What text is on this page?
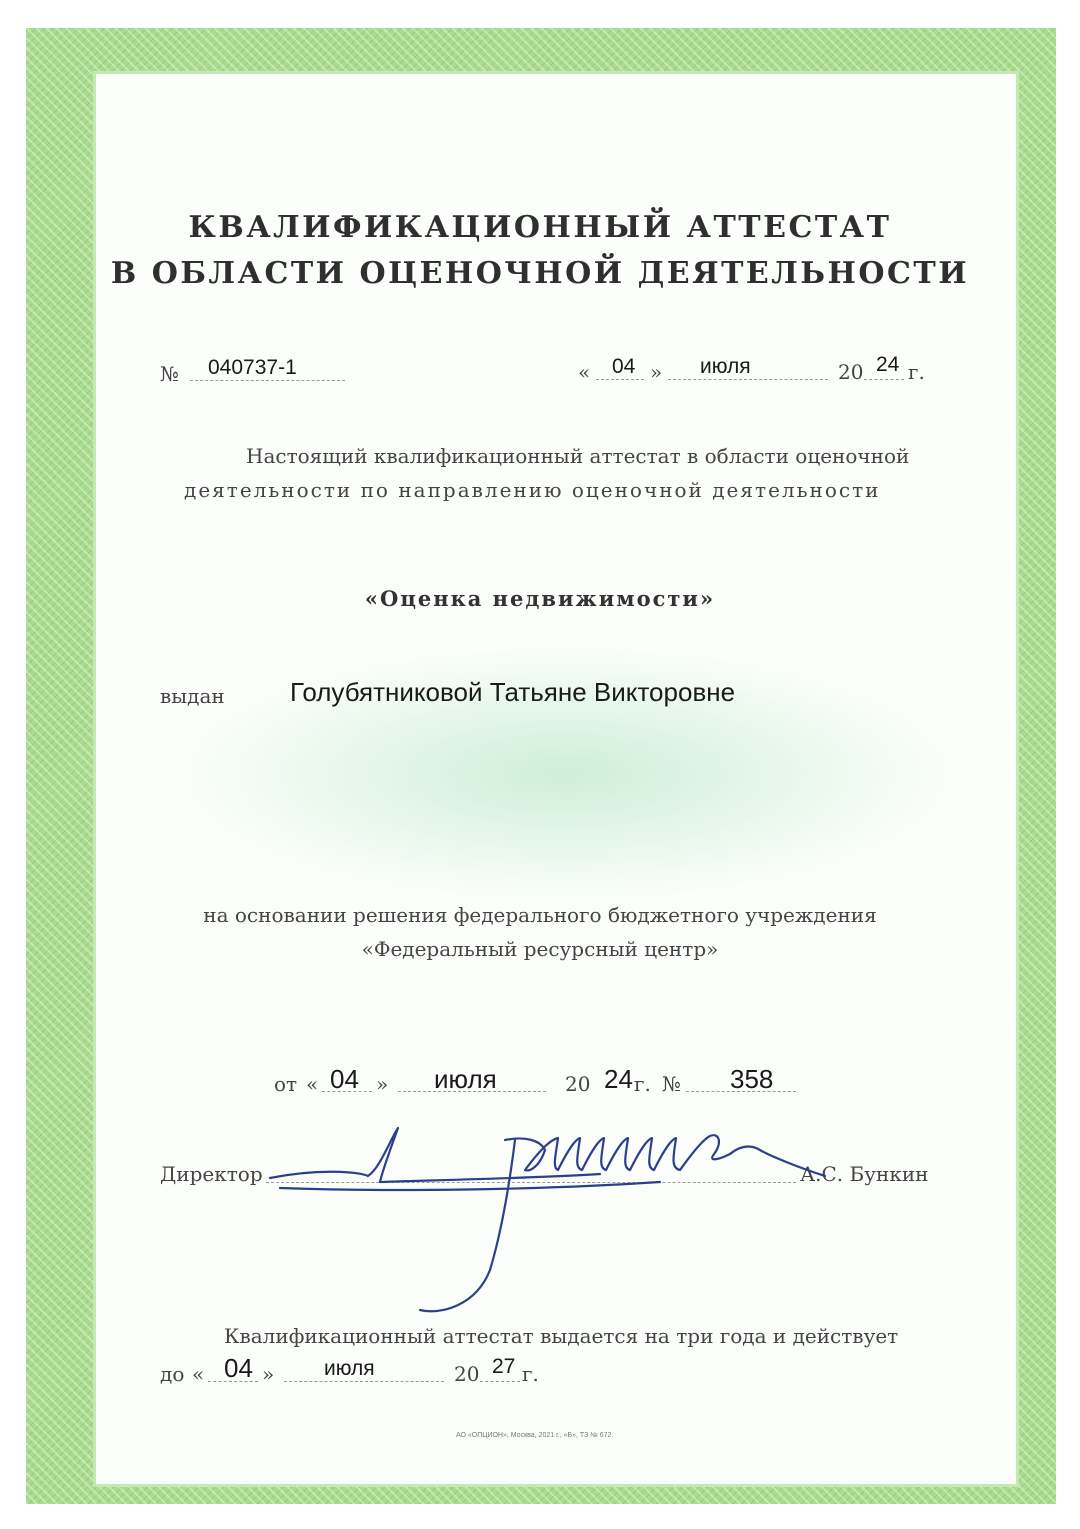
КВАЛИФИКАЦИОННЫЙ АТТЕСТАТ
В ОБЛАСТИ ОЦЕНОЧНОЙ ДЕЯТЕЛЬНОСТИ
№ 040737-1	« 04 » июля	20 24 г.
Настоящий квалификационный аттестат в области оценочной
деятельности по направлению оценочной деятельности
«Оценка недвижимости»
выдан	Голубятниковой Татьяне Викторовне
на основании решения федерального бюджетного учреждения
«Федеральный ресурсный центр»
от « 04 » июля	20 24 г. № 358
Директор	А.С. Бункин
Квалификационный аттестат выдается на три года и действует
до « 04 » июля	20 27 г.
АО «ОПЦИОН», Москва, 2021 г., «Б», ТЗ № 672.
